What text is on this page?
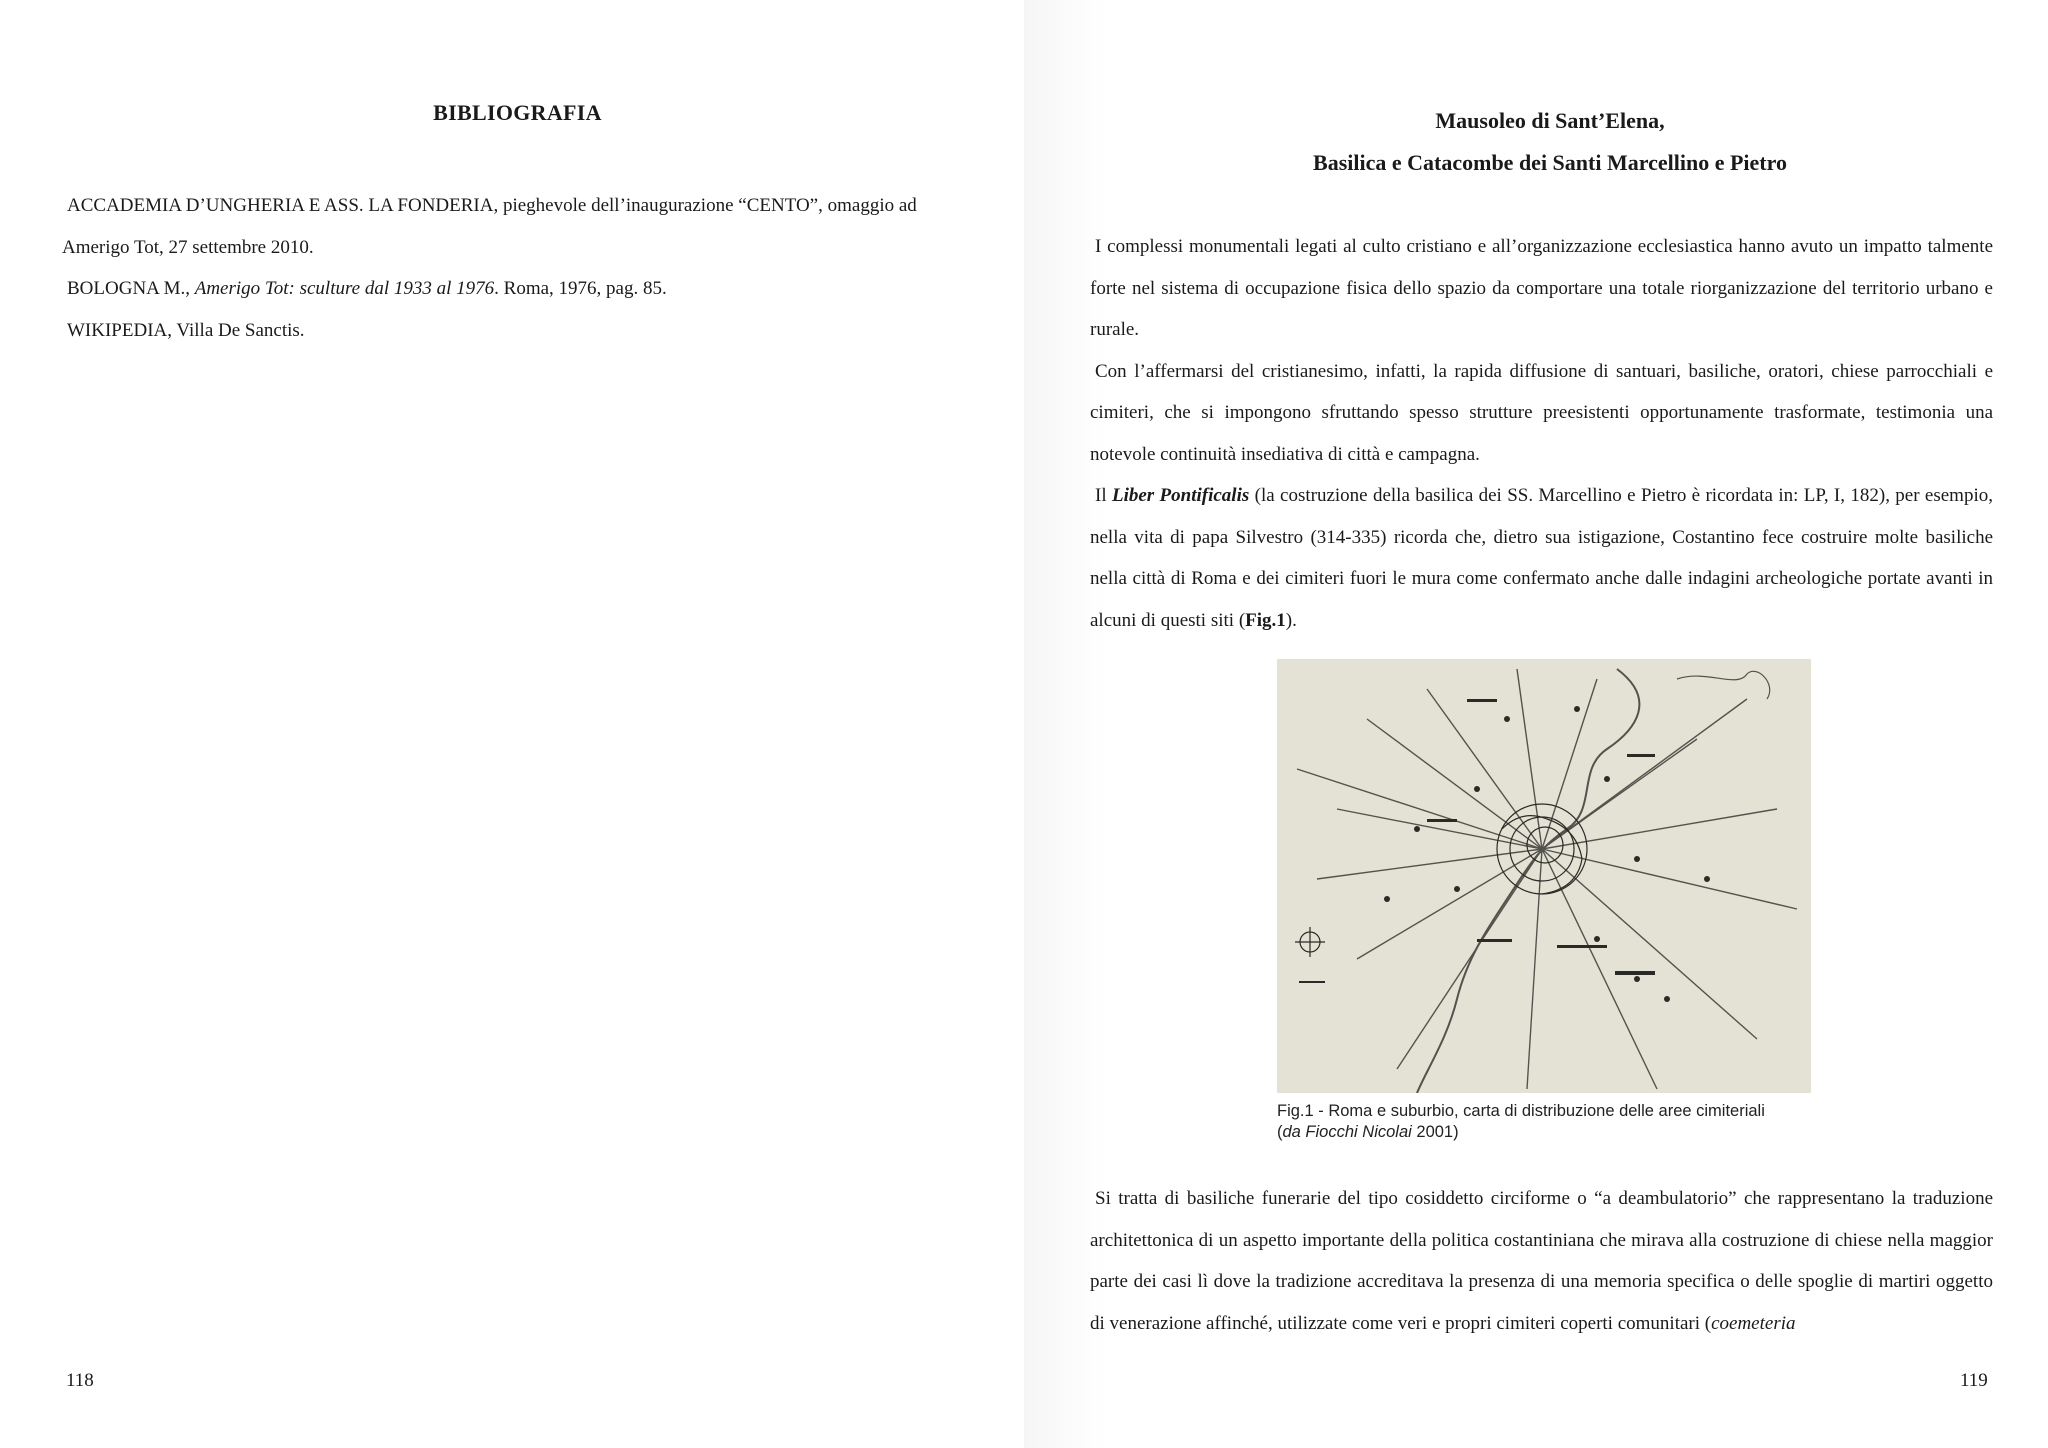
BIBLIOGRAFIA

ACCADEMIA D’UNGHERIA E ASS. LA FONDERIA, pieghevole dell’inaugurazione “CENTO”, omaggio ad

Amerigo Tot, 27 settembre 2010.

BOLOGNA M., Amerigo Tot: sculture dal 1933 al 1976. Roma, 1976, pag. 85.

WIKIPEDIA, Villa De Sanctis.

118
Mausoleo di Sant’Elena,
Basilica e Catacombe dei Santi Marcellino e Pietro

I complessi monumentali legati al culto cristiano e all’organizzazione ecclesiastica hanno avuto un impatto talmente forte nel sistema di occupazione fisica dello spazio da comportare una totale riorganizzazione del territorio urbano e rurale.

Con l’affermarsi del cristianesimo, infatti, la rapida diffusione di santuari, basiliche, oratori, chiese parrocchiali e cimiteri, che si impongono sfruttando spesso strutture preesistenti opportunamente trasformate, testimonia una notevole continuità insediativa di città e campagna.

Il Liber Pontificalis (la costruzione della basilica dei SS. Marcellino e Pietro è ricordata in: LP, I, 182), per esempio, nella vita di papa Silvestro (314-335) ricorda che, dietro sua istigazione, Costantino fece costruire molte basiliche nella città di Roma e dei cimiteri fuori le mura come confermato anche dalle indagini archeologiche portate avanti in alcuni di questi siti (Fig.1).

Fig.1 - Roma e suburbio, carta di distribuzione delle aree cimiteriali

(da Fiocchi Nicolai 2001)

Si tratta di basiliche funerarie del tipo cosiddetto circiforme o “a deambulatorio” che rappresentano la traduzione architettonica di un aspetto importante della politica costantiniana che mirava alla costruzione di chiese nella maggior parte dei casi lì dove la tradizione accreditava la presenza di una memoria specifica o delle spoglie di martiri oggetto di venerazione affinché, utilizzate come veri e propri cimiteri coperti comunitari (coemeteria

119
